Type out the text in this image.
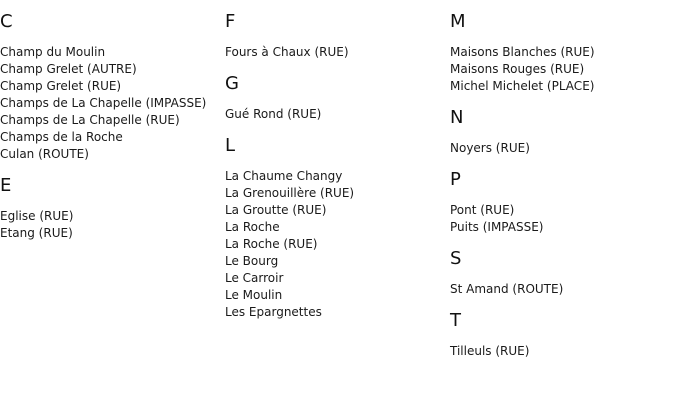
C
Champ du Moulin
Champ Grelet (AUTRE)
Champ Grelet (RUE)
Champs de La Chapelle (IMPASSE)
Champs de La Chapelle (RUE)
Champs de la Roche
Culan (ROUTE)
E
Eglise (RUE)
Etang (RUE)
F
Fours à Chaux (RUE)
G
Gué Rond (RUE)
L
La Chaume Changy
La Grenouillère (RUE)
La Groutte (RUE)
La Roche
La Roche (RUE)
Le Bourg
Le Carroir
Le Moulin
Les Epargnettes
M
Maisons Blanches (RUE)
Maisons Rouges (RUE)
Michel Michelet (PLACE)
N
Noyers (RUE)
P
Pont (RUE)
Puits (IMPASSE)
S
St Amand (ROUTE)
T
Tilleuls (RUE)
